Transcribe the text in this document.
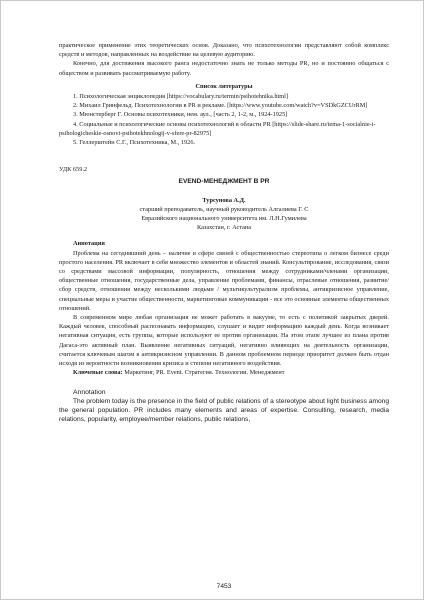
практическое применение этих теоретических основ. Доказано, что психотехнологии представляют собой комплекс средств и методов, направленных на воздействие на целевую аудиторию.

Конечно, для достижения высокого ранга недостаточно знать не только методы PR, но и постоянно общаться с обществом и развивать рассматриваемую работу.

Список литературы

1. Психологическая энциклопедия [https://vocabulary.ru/termin/psihotehnika.html]

2. Михаил Гринфельд. Психотехнологии в PR и рекламе. [https://www.youtube.com/watch?v=VSDkGZCUrRM]

3. Мюнстерберг Г. Основы психотехники, нем. аул., [часть 2, 1-2, м., 1924-1925]

4. Социальные и психологические основы психотехнологий в области PR [https://slide-share.ru/tema-1-socialnie-i-psihologicheskie-osnovi-psihotekhnologij-v-sfere-pr-82975]

5. Геллерштейн С.Г., Психотехника, М., 1926.

УДК 659.2
EVEND-МЕНЕДЖМЕНТ В PR
Турсунова А.Д.
старший преподаватель, научный руководитель Алгалиева Г. С
Евразийского национального университета им. Л.Н.Гумилева
Казахстан, г. Астана
Аннотация

Проблема на сегодняшний день – наличие в сфере связей с общественностью стереотипа о легком бизнесе среди простого населения. PR включает в себя множество элементов и областей знаний. Консультирование, исследования, связи со средствами массовой информации, популярность, отношения между сотрудниками/членами организации, общественные отношения, государственные дела, управление проблемами, финансы, отраслевые отношения, развитие/сбор средств, отношения между несколькими людьми / мультикультурализм проблемы, антикризисное управление, специальные меры и участие общественности, маркетинговые коммуникации - все это основные элементы общественных отношений.

В современном мире любая организация не может работать в вакууме, то есть с политикой закрытых дверей. Каждый человек, способный распознавать информацию, слушает и видит информацию каждый день. Когда возникает негативная ситуация, есть группы, которые используют ее против организации. На этом этапе лучшее из плана против Дагаса-это активный план. Выявление негативных ситуаций, негативно влияющих на деятельность организации, считается ключевым шагом в антикризисном управлении. В данном проблемном периоде приоритет должен быть отдан исходя из вероятности возникновения кризиса и степени негативного воздействия.

Ключевые слова: Маркетинг, PR. Event. Стратегия. Технологии. Менеджмент

Annotation

The problem today is the presence in the field of public relations of a stereotype about light business among the general population. PR includes many elements and areas of expertise. Consulting, research, media relations, popularity, employee/member relations, public relations,

7453
